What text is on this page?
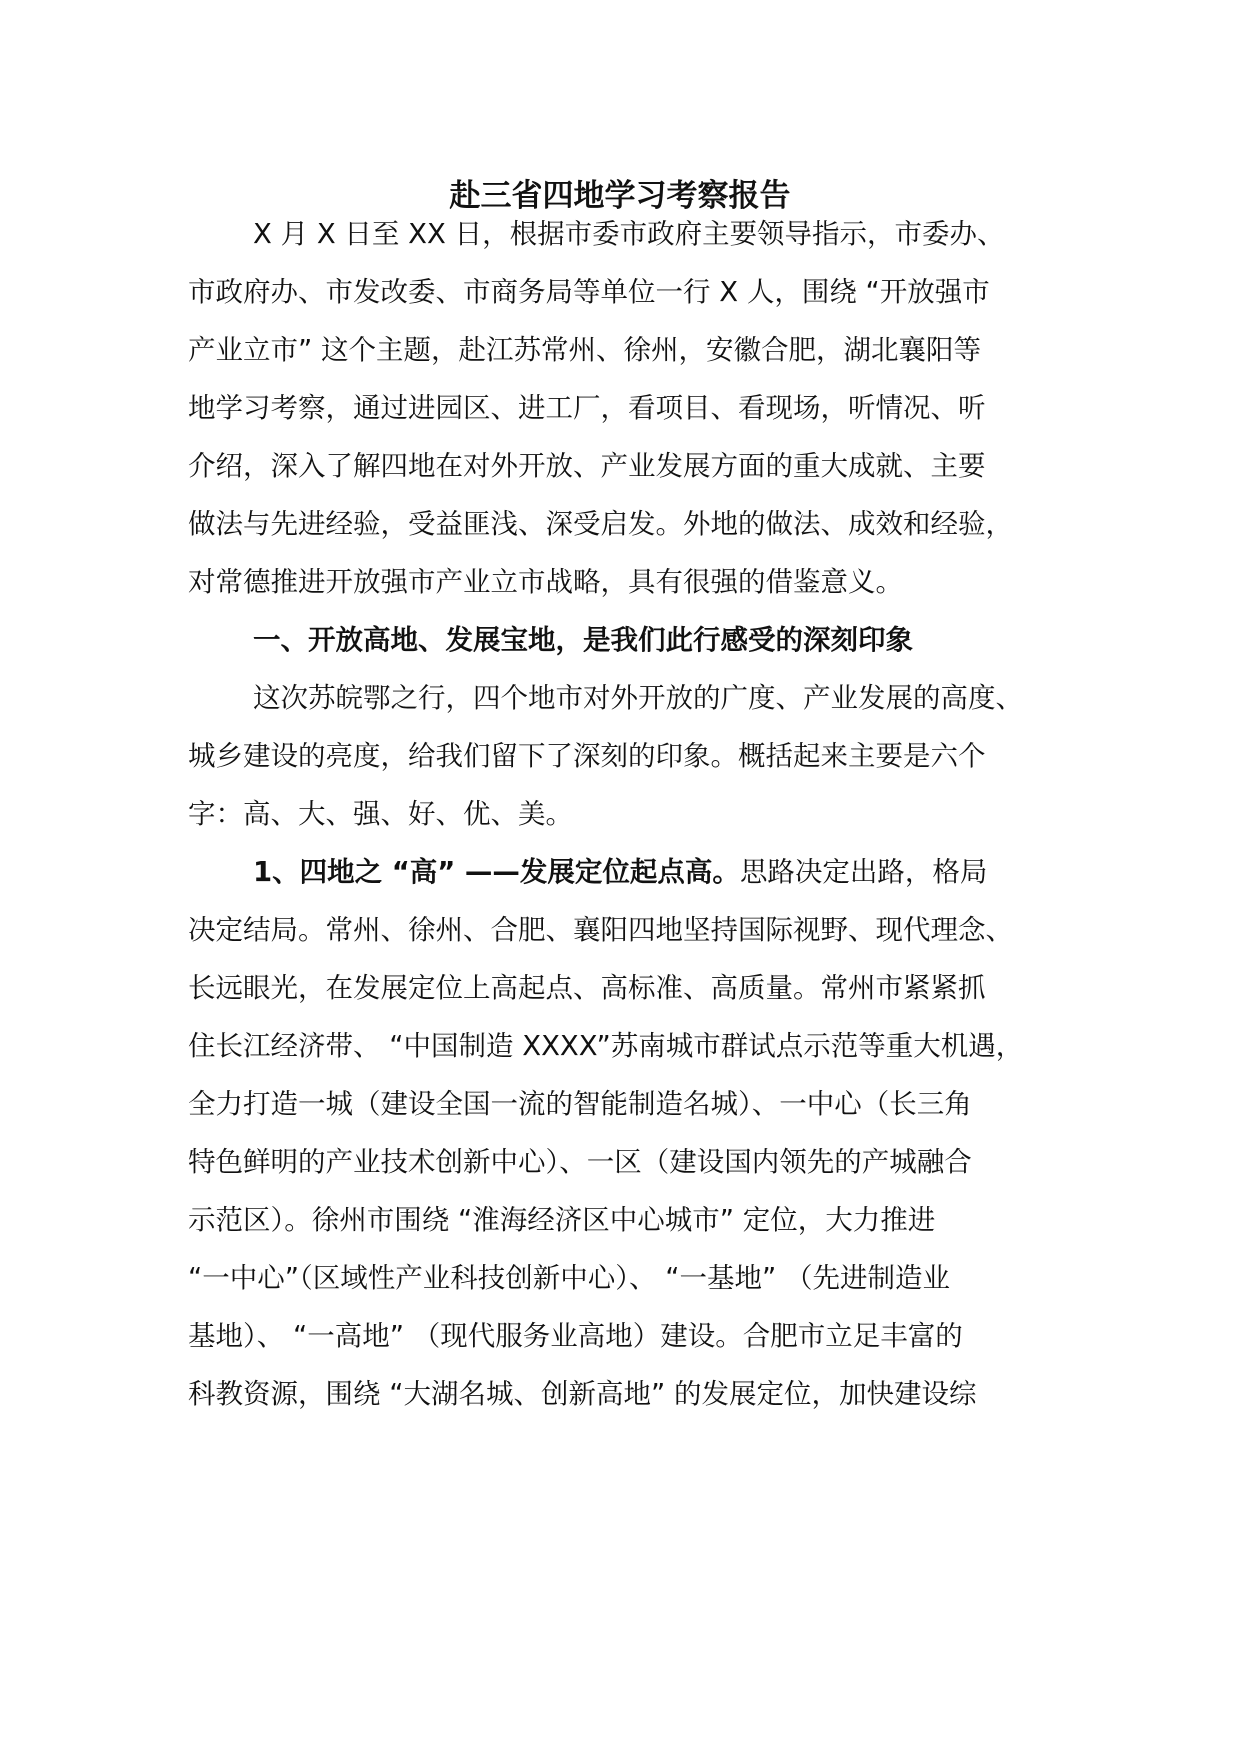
赴三省四地学习考察报告
X 月 X 日至 XX 日，根据市委市政府主要领导指示，市委办、
市政府办、市发改委、市商务局等单位一行 X 人，围绕 “开放强市
产业立市” 这个主题，赴江苏常州、徐州，安徽合肥，湖北襄阳等
地学习考察，通过进园区、进工厂，看项目、看现场，听情况、听
介绍，深入了解四地在对外开放、产业发展方面的重大成就、主要
做法与先进经验，受益匪浅、深受启发。外地的做法、成效和经验，
对常德推进开放强市产业立市战略，具有很强的借鉴意义。
一、开放高地、发展宝地，是我们此行感受的深刻印象
这次苏皖鄂之行，四个地市对外开放的广度、产业发展的高度、
城乡建设的亮度，给我们留下了深刻的印象。概括起来主要是六个
字：高、大、强、好、优、美。
1、四地之 “高” ——发展定位起点高。思路决定出路，格局
决定结局。常州、徐州、合肥、襄阳四地坚持国际视野、现代理念、
长远眼光，在发展定位上高起点、高标准、高质量。常州市紧紧抓
住长江经济带、 “中国制造 XXXX”苏南城市群试点示范等重大机遇，
全力打造一城（建设全国一流的智能制造名城）、一中心（长三角
特色鲜明的产业技术创新中心）、一区（建设国内领先的产城融合
示范区）。徐州市围绕 “淮海经济区中心城市” 定位，大力推进
“一中心”（区域性产业科技创新中心）、 “一基地” （先进制造业
基地）、 “一高地” （现代服务业高地）建设。合肥市立足丰富的
科教资源，围绕 “大湖名城、创新高地” 的发展定位，加快建设综
